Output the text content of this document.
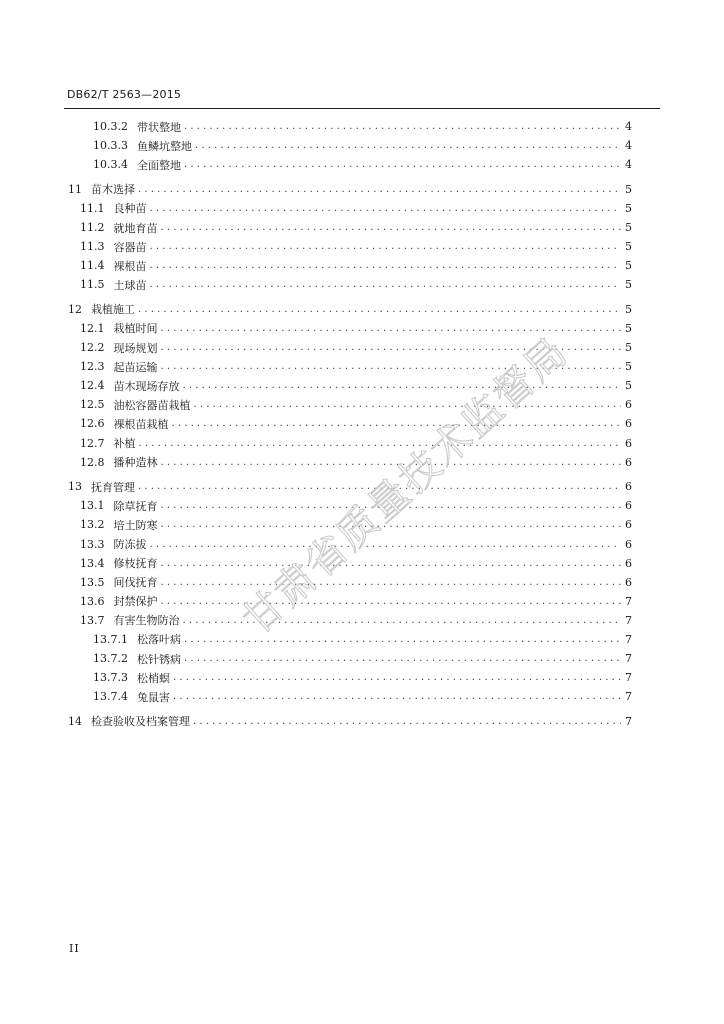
DB62/T 2563—2015
10.3.2 带状整地 . . .	4
10.3.3 鱼鳞坑整地 . . .	4
10.3.4 全面整地 . . .	4
11 苗木选择 . . .	5
11.1 良种苗 . . .	5
11.2 就地育苗 . . .	5
11.3 容器苗 . . .	5
11.4 裸根苗 . . .	5
11.5 土球苗 . . .	5
12 栽植施工 . . .	5
12.1 栽植时间 . . .	5
12.2 现场规划 . . .	5
12.3 起苗运输 . . .	5
12.4 苗木现场存放 . . .	5
12.5 油松容器苗栽植 . . .	6
12.6 裸根苗栽植 . . .	6
12.7 补植 . . .	6
12.8 播种造林 . . .	6
13 抚育管理 . . .	6
13.1 除草抚育 . . .	6
13.2 培土防寒 . . .	6
13.3 防冻拔 . . .	6
13.4 修枝抚育 . . .	6
13.5 间伐抚育 . . .	6
13.6 封禁保护 . . .	7
13.7 有害生物防治 . . .	7
13.7.1 松落叶病 . . .	7
13.7.2 松针锈病 . . .	7
13.7.3 松梢螟 . . .	7
13.7.4 兔鼠害 . . .	7
14 检查验收及档案管理 . . .	7
II
甘肃省质量技术监督局
